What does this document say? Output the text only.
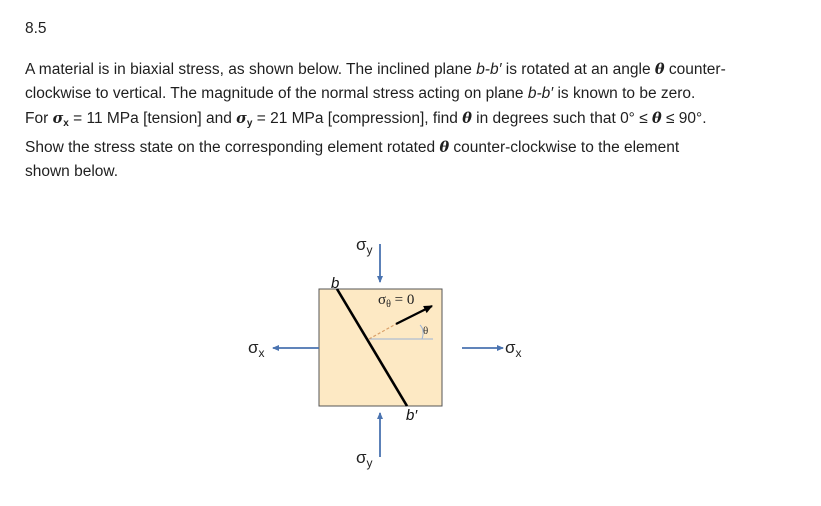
8.5
A material is in biaxial stress, as shown below. The inclined plane b-b′ is rotated at an angle θ counter-
clockwise to vertical. The magnitude of the normal stress acting on plane b-b′ is known to be zero.
For $\sigma_x = 11$ MPa [tension] and $\sigma_y = 21$ MPa [compression], find θ in degrees such that 0° ≤ θ ≤ 90°.
Show the stress state on the corresponding element rotated θ counter-clockwise to the element
shown below.
$\sigma_x$	$\sigma_x$
$\sigma_y$
$\sigma_y$
b
b′
$\sigma_\theta = 0$
θ
